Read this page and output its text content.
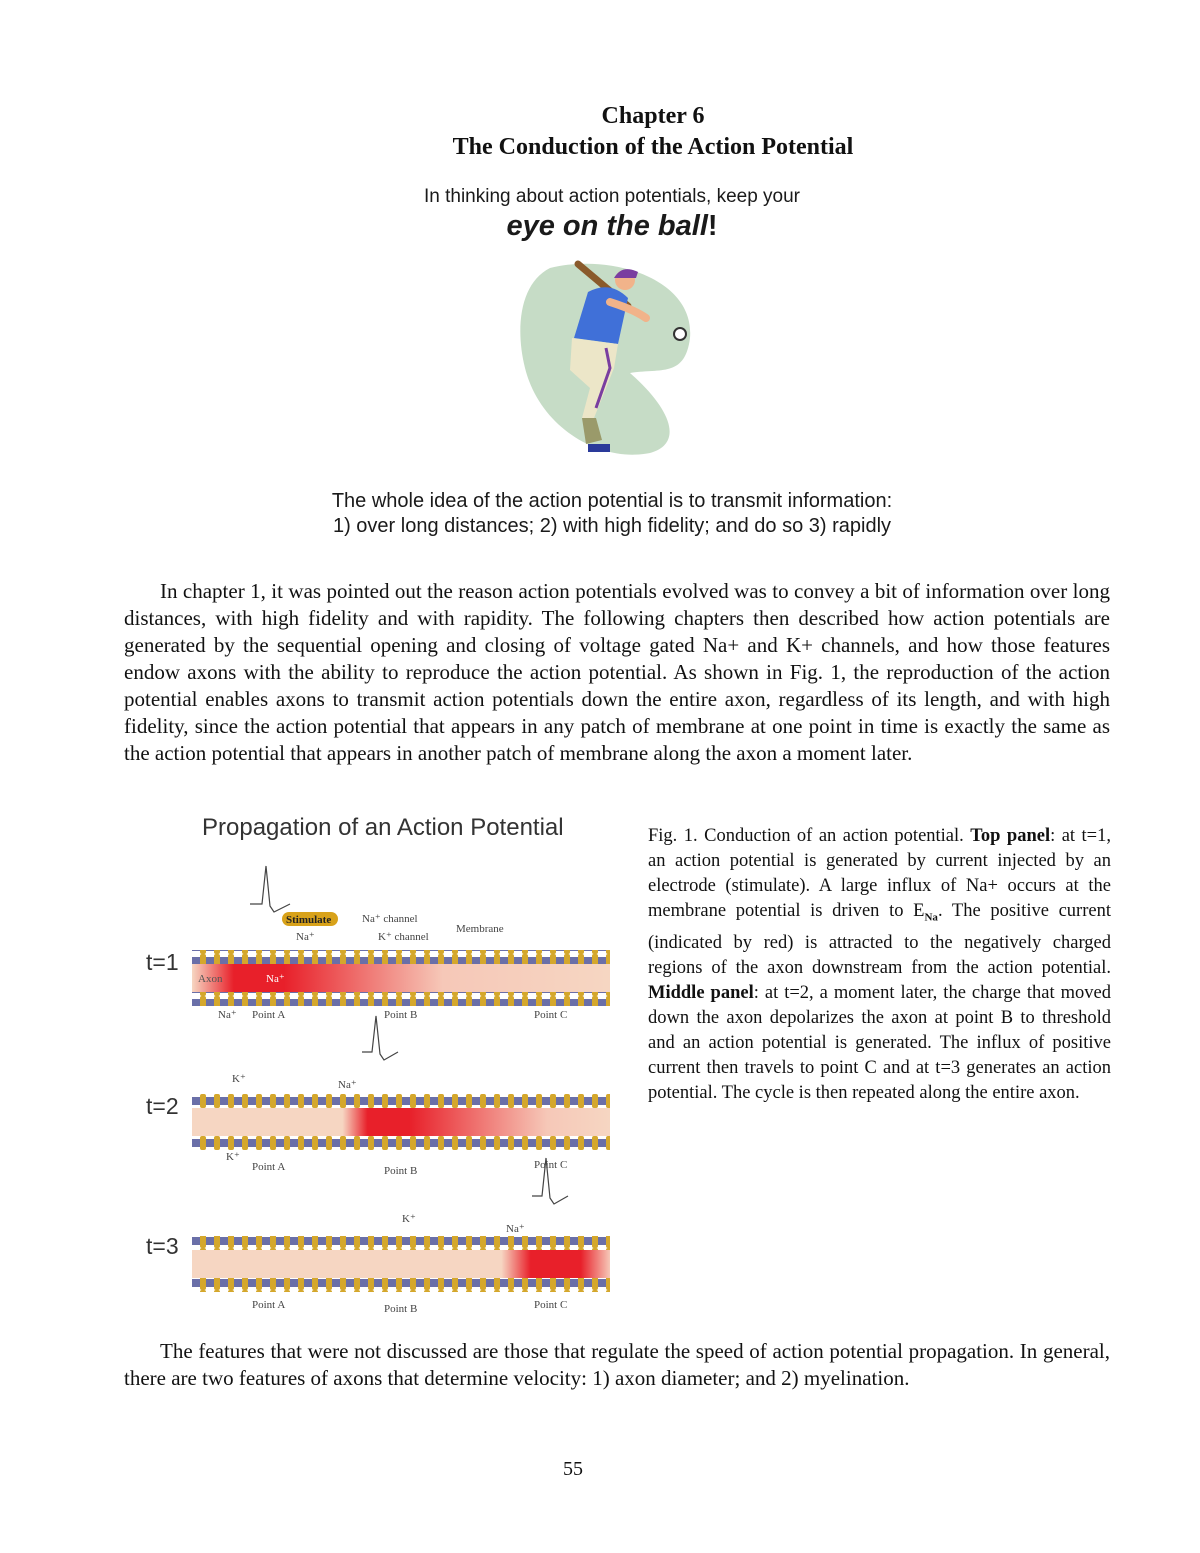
Chapter 6
The Conduction of the Action Potential
In thinking about action potentials, keep your
eye on the ball!
The whole idea of the action potential is to transmit information:
1) over long distances; 2) with high fidelity; and do so 3) rapidly
In chapter 1, it was pointed out the reason action potentials evolved was to convey a bit of information over long distances, with high fidelity and with rapidity. The following chapters then described how action potentials are generated by the sequential opening and closing of voltage gated Na+ and K+ channels, and how those features endow axons with the ability to reproduce the action potential. As shown in Fig. 1, the reproduction of the action potential enables axons to transmit action potentials down the entire axon, regardless of its length, and with high fidelity, since the action potential that appears in any patch of membrane at one point in time is exactly the same as the action potential that appears in another patch of membrane along the axon a moment later.
Propagation of an Action Potential
t=1
Stimulate	Na⁺ channel
K⁺ channel
Membrane
Na⁺
Axon	Na⁺
Na⁺ Point A	Point B	Point C
t=2
K⁺	Na⁺
K⁺
Point A	Point B	Point C
t=3
K⁺
Na⁺
Point A	Point B	Point C
Fig. 1. Conduction of an action potential. Top panel: at t=1, an action potential is generated by current injected by an electrode (stimulate). A large influx of Na+ occurs at the membrane potential is driven to $E_{Na}$. The positive current (indicated by red) is attracted to the negatively charged regions of the axon downstream from the action potential. Middle panel: at t=2, a moment later, the charge that moved down the axon depolarizes the axon at point B to threshold and an action potential is generated. The influx of positive current then travels to point C and at t=3 generates an action potential. The cycle is then repeated along the entire axon.
The features that were not discussed are those that regulate the speed of action potential propagation. In general, there are two features of axons that determine velocity: 1) axon diameter; and 2) myelination.
55
